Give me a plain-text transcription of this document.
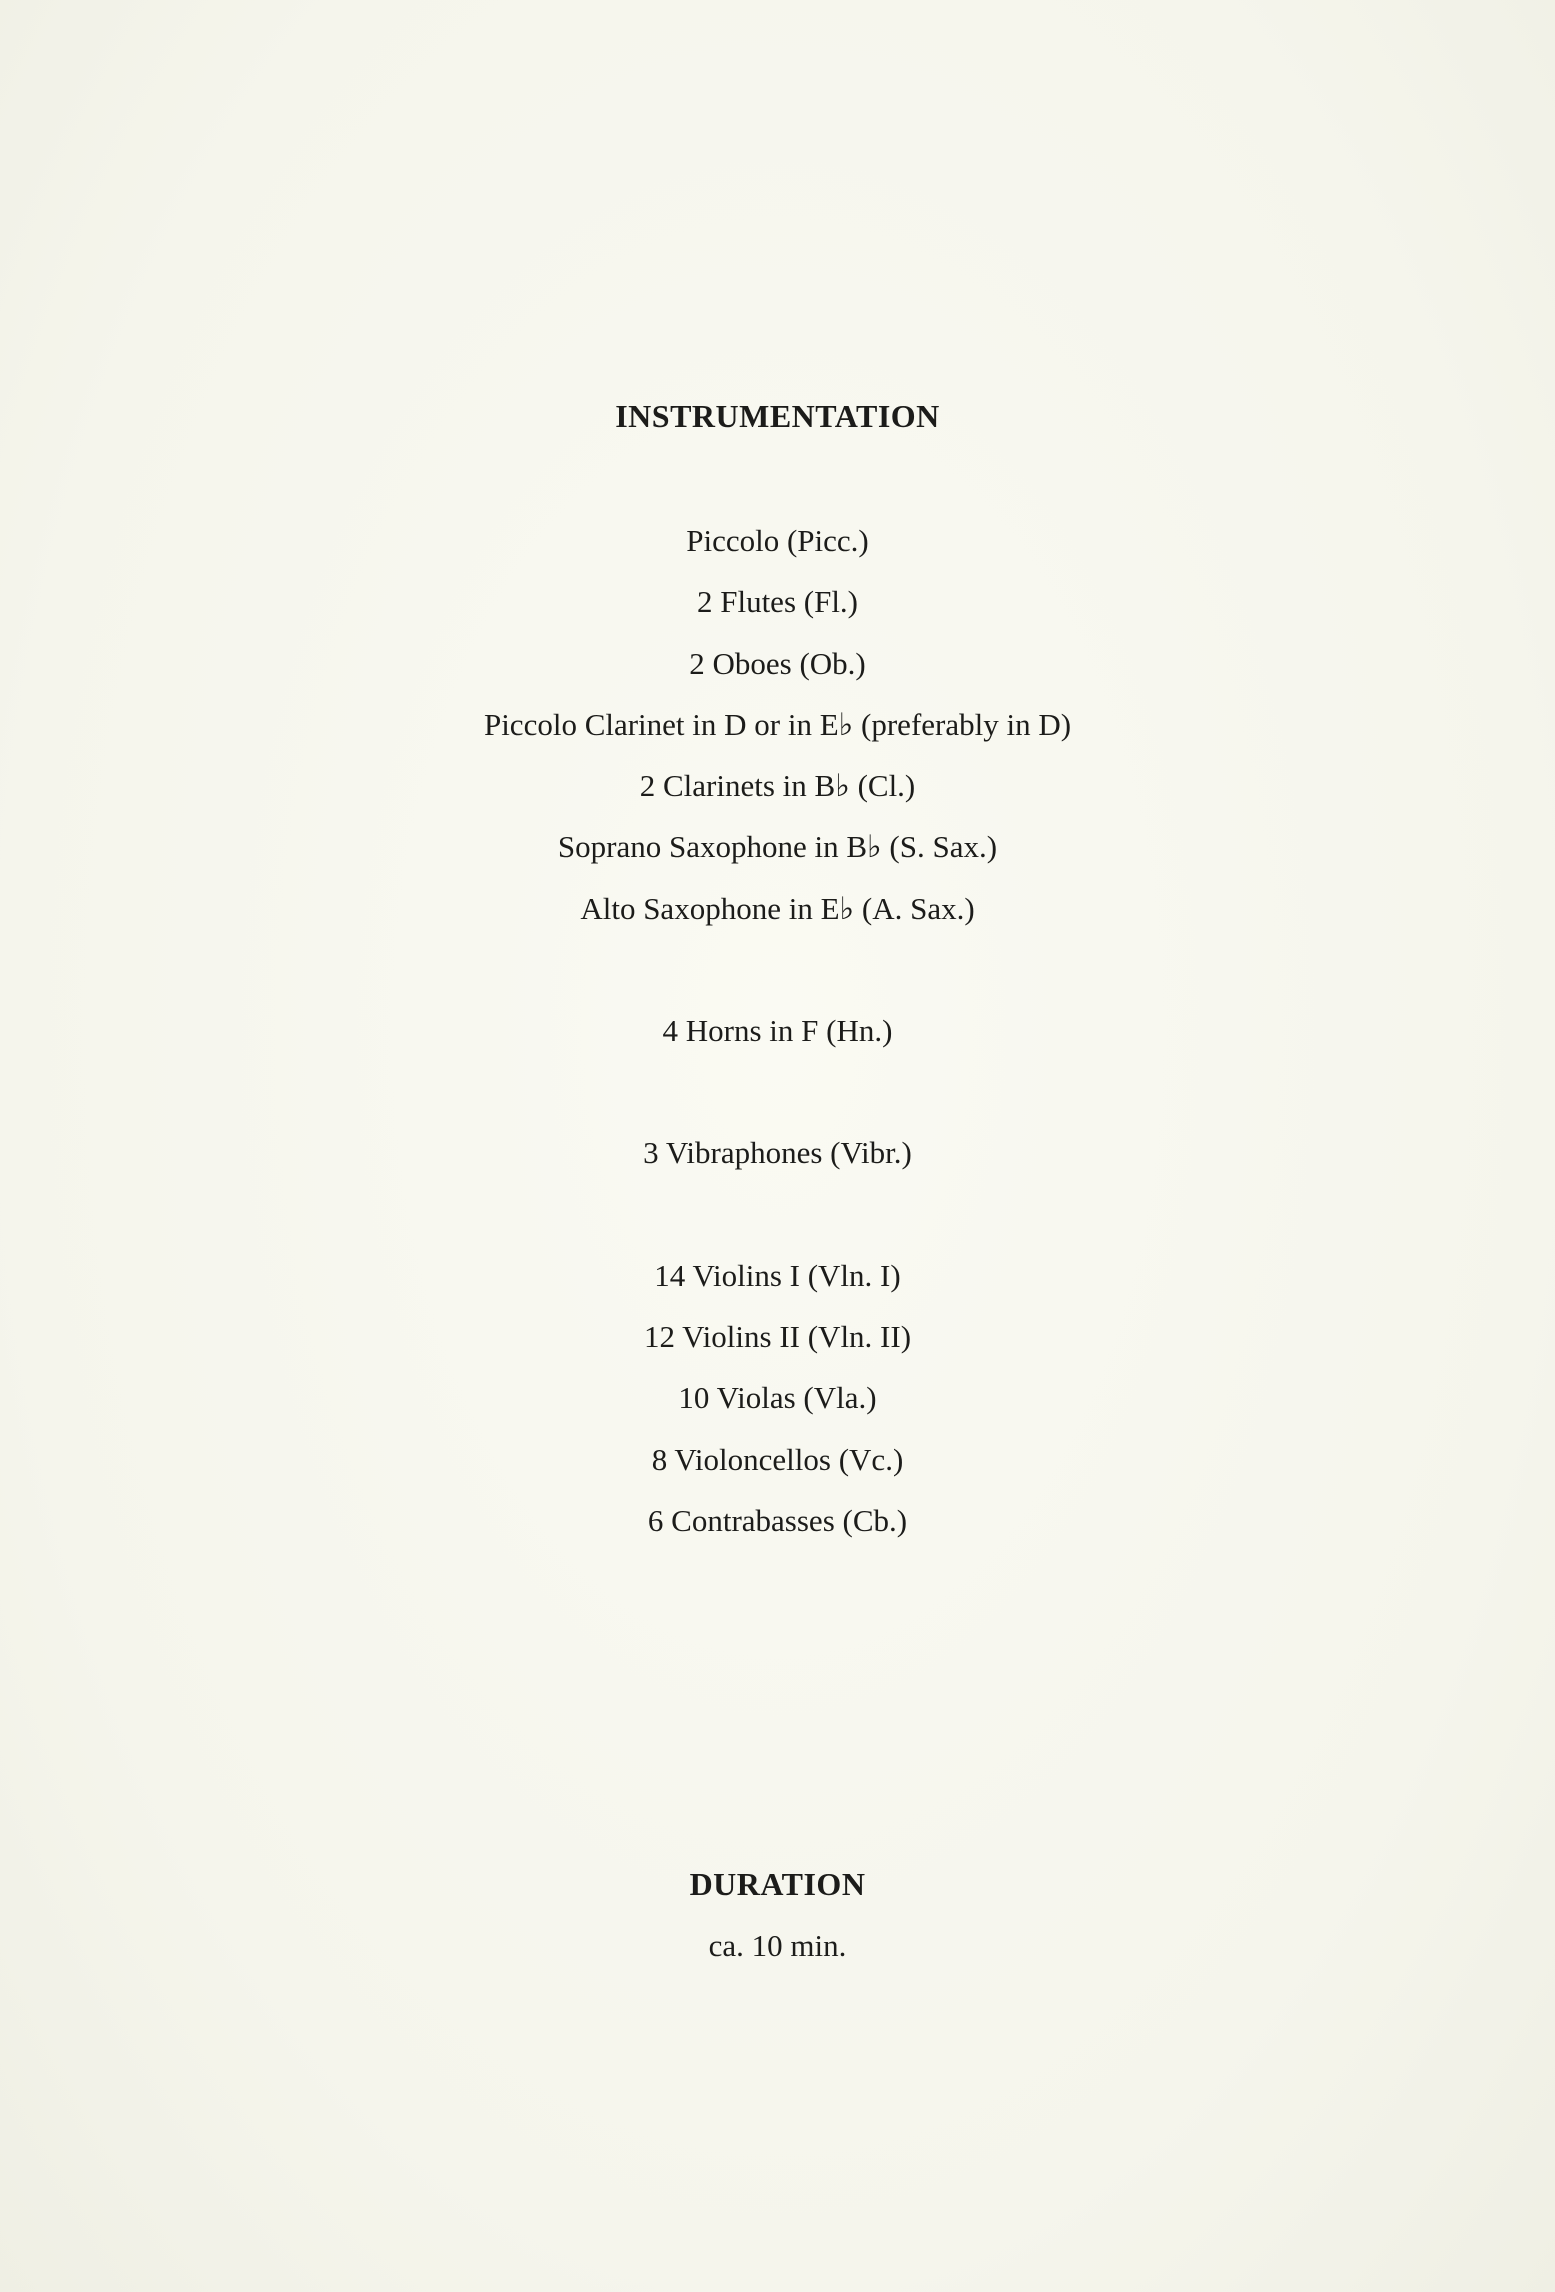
INSTRUMENTATION
Piccolo (Picc.)
2 Flutes (Fl.)
2 Oboes (Ob.)
Piccolo Clarinet in D or in E♭ (preferably in D)
2 Clarinets in B♭ (Cl.)
Soprano Saxophone in B♭ (S. Sax.)
Alto Saxophone in E♭ (A. Sax.)
4 Horns in F (Hn.)
3 Vibraphones (Vibr.)
14 Violins I (Vln. I)
12 Violins II (Vln. II)
10 Violas (Vla.)
8 Violoncellos (Vc.)
6 Contrabasses (Cb.)
DURATION
ca. 10 min.
